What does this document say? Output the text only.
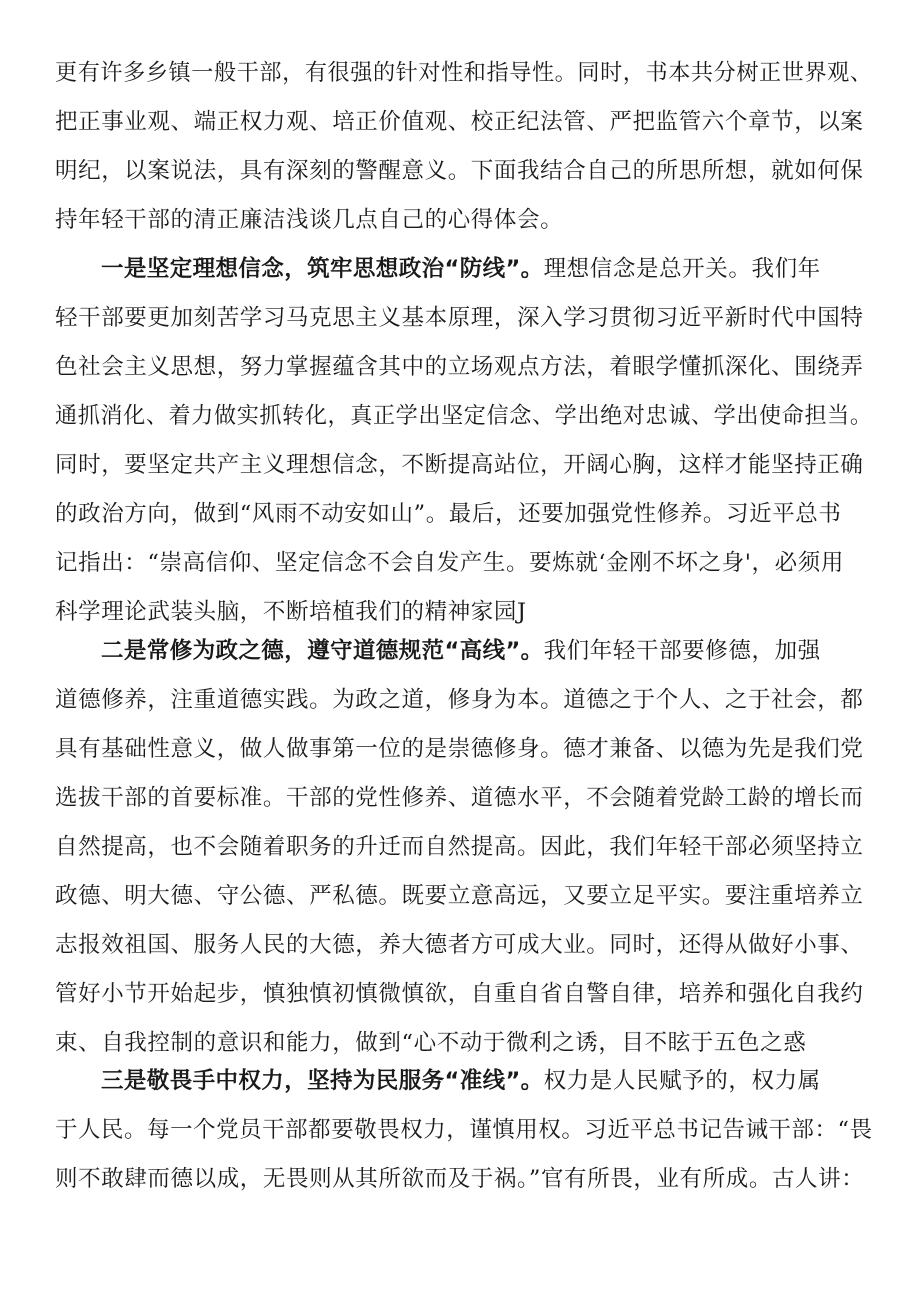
更有许多乡镇一般干部，有很强的针对性和指导性。同时，书本共分树正世界观、
把正事业观、端正权力观、培正价值观、校正纪法管、严把监管六个章节，以案
明纪，以案说法，具有深刻的警醒意义。下面我结合自己的所思所想，就如何保
持年轻干部的清正廉洁浅谈几点自己的心得体会。
一是坚定理想信念，筑牢思想政治“防线”。理想信念是总开关。我们年
轻干部要更加刻苦学习马克思主义基本原理，深入学习贯彻习近平新时代中国特
色社会主义思想，努力掌握蕴含其中的立场观点方法，着眼学懂抓深化、围绕弄
通抓消化、着力做实抓转化，真正学出坚定信念、学出绝对忠诚、学出使命担当。
同时，要坚定共产主义理想信念，不断提高站位，开阔心胸，这样才能坚持正确
的政治方向，做到“风雨不动安如山”。最后，还要加强党性修养。习近平总书
记指出：“崇高信仰、坚定信念不会自发产生。要炼就‘金刚不坏之身'，必须用
科学理论武装头脑，不断培植我们的精神家园J
二是常修为政之德，遵守道德规范“高线”。我们年轻干部要修德，加强
道德修养，注重道德实践。为政之道，修身为本。道德之于个人、之于社会，都
具有基础性意义，做人做事第一位的是崇德修身。德才兼备、以德为先是我们党
选拔干部的首要标准。干部的党性修养、道德水平，不会随着党龄工龄的增长而
自然提高，也不会随着职务的升迁而自然提高。因此，我们年轻干部必须坚持立
政德、明大德、守公德、严私德。既要立意高远，又要立足平实。要注重培养立
志报效祖国、服务人民的大德，养大德者方可成大业。同时，还得从做好小事、
管好小节开始起步，慎独慎初慎微慎欲，自重自省自警自律，培养和强化自我约
束、自我控制的意识和能力，做到“心不动于微利之诱，目不眩于五色之惑
三是敬畏手中权力，坚持为民服务“准线”。权力是人民赋予的，权力属
于人民。每一个党员干部都要敬畏权力，谨慎用权。习近平总书记告诫干部：“畏
则不敢肆而德以成，无畏则从其所欲而及于祸。”官有所畏，业有所成。古人讲：
